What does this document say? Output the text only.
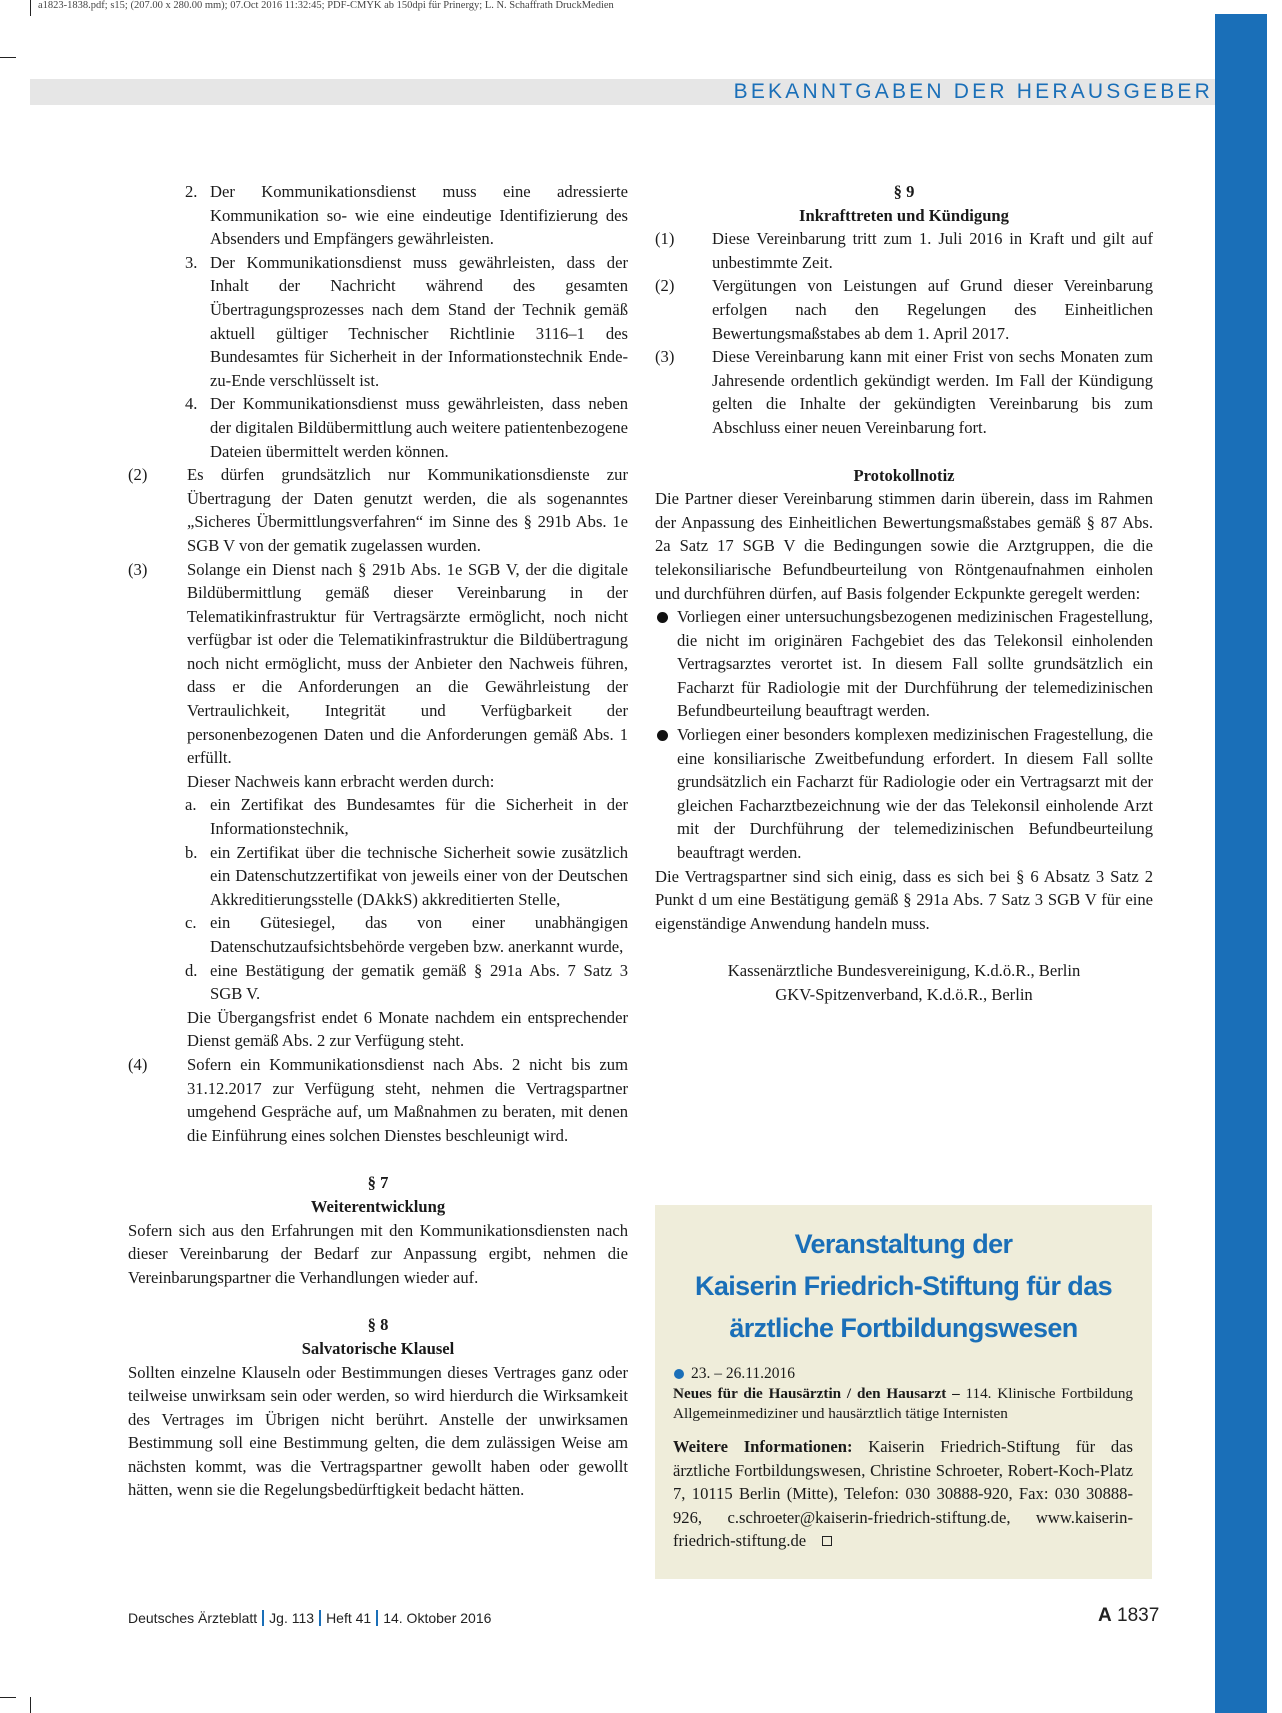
a1823-1838.pdf; s15; (207.00 x 280.00 mm); 07.Oct 2016 11:32:45; PDF-CMYK ab 150dpi für Prinergy; L. N. Schaffrath DruckMedien
BEKANNTGABEN DER HERAUSGEBER
2. Der Kommunikationsdienst muss eine adressierte Kommunikation so- wie eine eindeutige Identifizierung des Absenders und Empfängers gewährleisten.
3. Der Kommunikationsdienst muss gewährleisten, dass der Inhalt der Nachricht während des gesamten Übertragungsprozesses nach dem Stand der Technik gemäß aktuell gültiger Technischer Richtlinie 3116–1 des Bundesamtes für Sicherheit in der Informationstechnik Ende-zu-Ende verschlüsselt ist.
4. Der Kommunikationsdienst muss gewährleisten, dass neben der digitalen Bildübermittlung auch weitere patientenbezogene Dateien übermittelt werden können.
(2) Es dürfen grundsätzlich nur Kommunikationsdienste zur Übertragung der Daten genutzt werden, die als sogenanntes „Sicheres Übermittlungsverfahren“ im Sinne des § 291b Abs. 1e SGB V von der gematik zugelassen wurden.
(3) Solange ein Dienst nach § 291b Abs. 1e SGB V, der die digitale Bildübermittlung gemäß dieser Vereinbarung in der Telematikinfrastruktur für Vertragsärzte ermöglicht, noch nicht verfügbar ist oder die Telematikinfrastruktur die Bildübertragung noch nicht ermöglicht, muss der Anbieter den Nachweis führen, dass er die Anforderungen an die Gewährleistung der Vertraulichkeit, Integrität und Verfügbarkeit der personenbezogenen Daten und die Anforderungen gemäß Abs. 1 erfüllt.
Dieser Nachweis kann erbracht werden durch:
a. ein Zertifikat des Bundesamtes für die Sicherheit in der Informationstechnik,
b. ein Zertifikat über die technische Sicherheit sowie zusätzlich ein Datenschutzzertifikat von jeweils einer von der Deutschen Akkreditierungsstelle (DAkkS) akkreditierten Stelle,
c. ein Gütesiegel, das von einer unabhängigen Datenschutzaufsichtsbehörde vergeben bzw. anerkannt wurde,
d. eine Bestätigung der gematik gemäß § 291a Abs. 7 Satz 3 SGB V.
Die Übergangsfrist endet 6 Monate nachdem ein entsprechender Dienst gemäß Abs. 2 zur Verfügung steht.
(4) Sofern ein Kommunikationsdienst nach Abs. 2 nicht bis zum 31.12.2017 zur Verfügung steht, nehmen die Vertragspartner umgehend Gespräche auf, um Maßnahmen zu beraten, mit denen die Einführung eines solchen Dienstes beschleunigt wird.
§ 7
Weiterentwicklung
Sofern sich aus den Erfahrungen mit den Kommunikationsdiensten nach dieser Vereinbarung der Bedarf zur Anpassung ergibt, nehmen die Vereinbarungspartner die Verhandlungen wieder auf.
§ 8
Salvatorische Klausel
Sollten einzelne Klauseln oder Bestimmungen dieses Vertrages ganz oder teilweise unwirksam sein oder werden, so wird hierdurch die Wirksamkeit des Vertrages im Übrigen nicht berührt. Anstelle der unwirksamen Bestimmung soll eine Bestimmung gelten, die dem zulässigen Weise am nächsten kommt, was die Vertragspartner gewollt haben oder gewollt hätten, wenn sie die Regelungsbedürftigkeit bedacht hätten.
§ 9
Inkrafttreten und Kündigung
(1) Diese Vereinbarung tritt zum 1. Juli 2016 in Kraft und gilt auf unbestimmte Zeit.
(2) Vergütungen von Leistungen auf Grund dieser Vereinbarung erfolgen nach den Regelungen des Einheitlichen Bewertungsmaßstabes ab dem 1. April 2017.
(3) Diese Vereinbarung kann mit einer Frist von sechs Monaten zum Jahresende ordentlich gekündigt werden. Im Fall der Kündigung gelten die Inhalte der gekündigten Vereinbarung bis zum Abschluss einer neuen Vereinbarung fort.
Protokollnotiz
Die Partner dieser Vereinbarung stimmen darin überein, dass im Rahmen der Anpassung des Einheitlichen Bewertungsmaßstabes gemäß § 87 Abs. 2a Satz 17 SGB V die Bedingungen sowie die Arztgruppen, die die telekonsiliarische Befundbeurteilung von Röntgenaufnahmen einholen und durchführen dürfen, auf Basis folgender Eckpunkte geregelt werden:
Vorliegen einer untersuchungsbezogenen medizinischen Fragestellung, die nicht im originären Fachgebiet des das Telekonsil einholenden Vertragsarztes verortet ist. In diesem Fall sollte grundsätzlich ein Facharzt für Radiologie mit der Durchführung der telemedizinischen Befundbeurteilung beauftragt werden.
Vorliegen einer besonders komplexen medizinischen Fragestellung, die eine konsiliarische Zweitbefundung erfordert. In diesem Fall sollte grundsätzlich ein Facharzt für Radiologie oder ein Vertragsarzt mit der gleichen Facharztbezeichnung wie der das Telekonsil einholende Arzt mit der Durchführung der telemedizinischen Befundbeurteilung beauftragt werden.
Die Vertragspartner sind sich einig, dass es sich bei § 6 Absatz 3 Satz 2 Punkt d um eine Bestätigung gemäß § 291a Abs. 7 Satz 3 SGB V für eine eigenständige Anwendung handeln muss.
Kassenärztliche Bundesvereinigung, K.d.ö.R., Berlin
GKV-Spitzenverband, K.d.ö.R., Berlin
Veranstaltung der
Kaiserin Friedrich-Stiftung für das
ärztliche Fortbildungswesen
23. – 26.11.2016
Neues für die Hausärztin / den Hausarzt – 114. Klinische Fortbildung Allgemeinmediziner und hausärztlich tätige Internisten
Weitere Informationen: Kaiserin Friedrich-Stiftung für das ärztliche Fortbildungswesen, Christine Schroeter, Robert-Koch-Platz 7, 10115 Berlin (Mitte), Telefon: 030 30888-920, Fax: 030 30888-926, c.schroeter@kaiserin-friedrich-stiftung.de, www.kaiserin-friedrich-stiftung.de
Deutsches Ärzteblatt Jg. 113 Heft 41 14. Oktober 2016	A 1837
